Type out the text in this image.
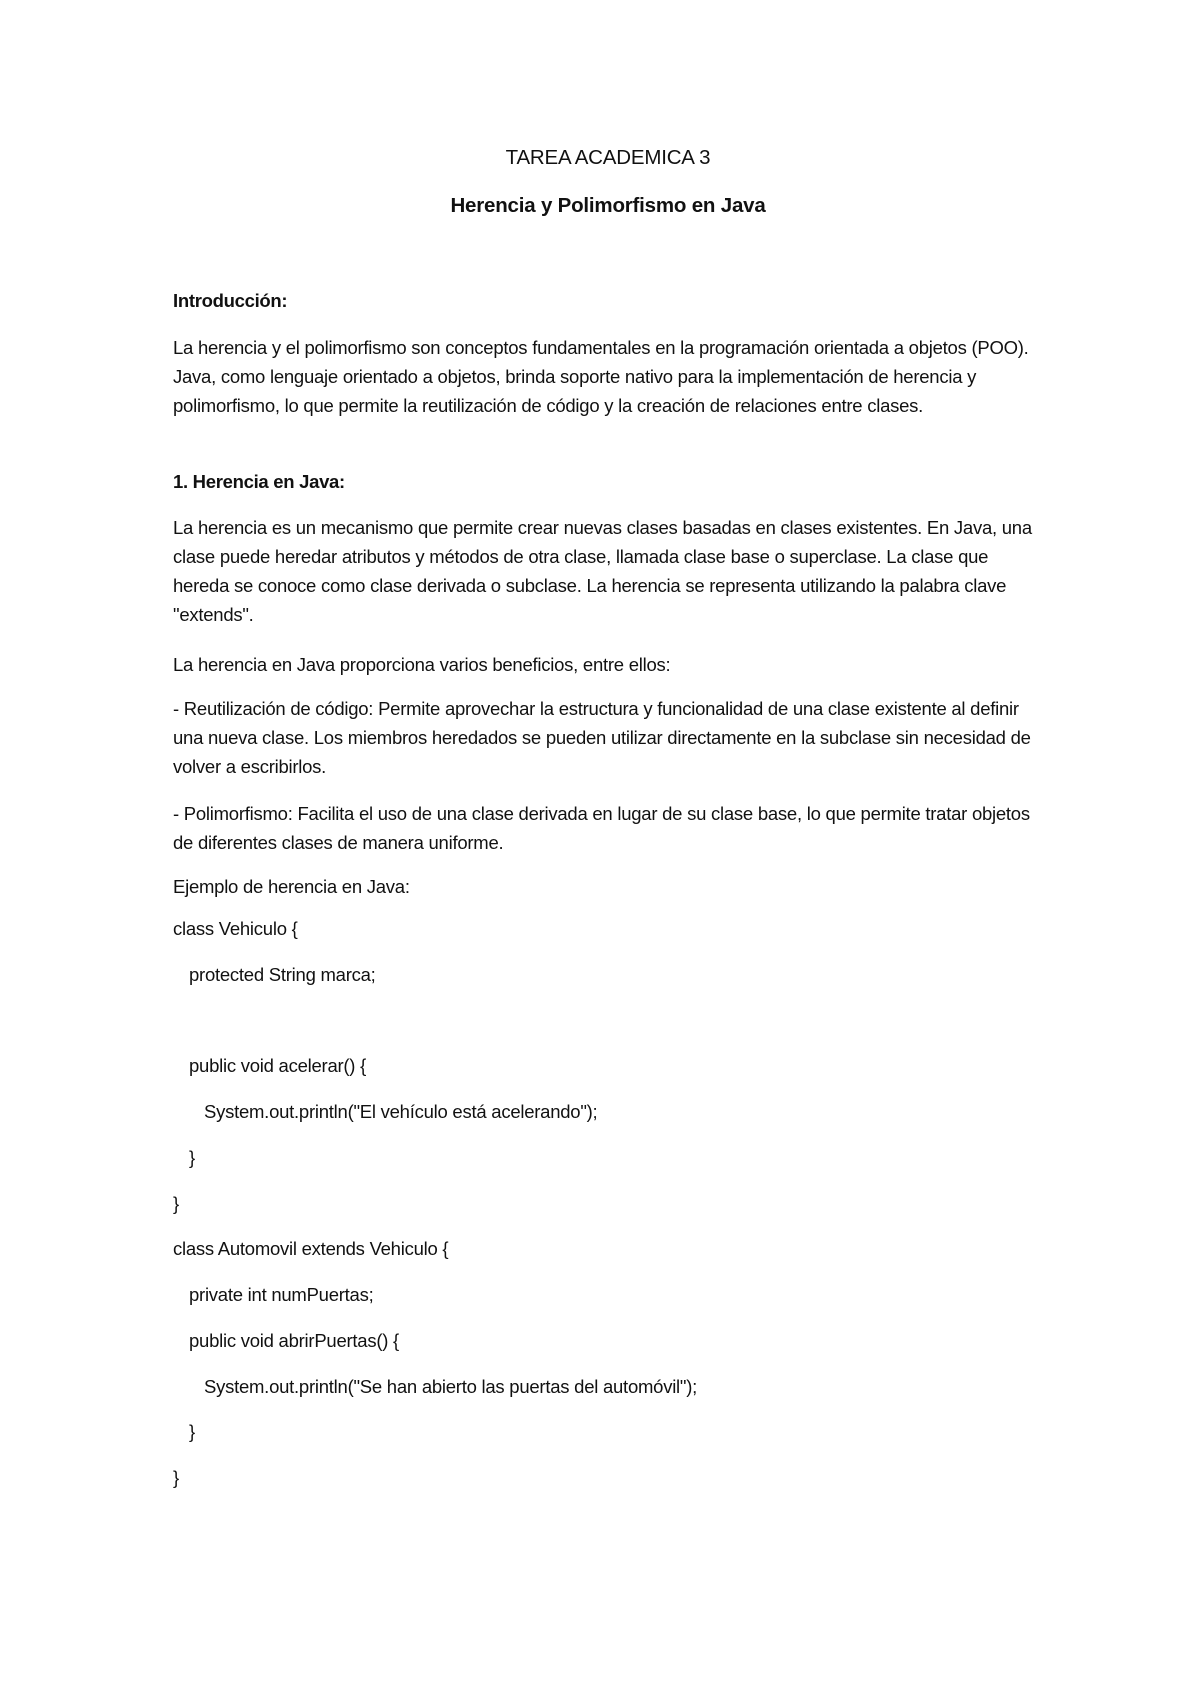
TAREA ACADEMICA 3
Herencia y Polimorfismo en Java
Introducción:
La herencia y el polimorfismo son conceptos fundamentales en la programación orientada a objetos (POO). Java, como lenguaje orientado a objetos, brinda soporte nativo para la implementación de herencia y polimorfismo, lo que permite la reutilización de código y la creación de relaciones entre clases.
1. Herencia en Java:
La herencia es un mecanismo que permite crear nuevas clases basadas en clases existentes. En Java, una clase puede heredar atributos y métodos de otra clase, llamada clase base o superclase. La clase que hereda se conoce como clase derivada o subclase. La herencia se representa utilizando la palabra clave "extends".
La herencia en Java proporciona varios beneficios, entre ellos:
- Reutilización de código: Permite aprovechar la estructura y funcionalidad de una clase existente al definir una nueva clase. Los miembros heredados se pueden utilizar directamente en la subclase sin necesidad de volver a escribirlos.
- Polimorfismo: Facilita el uso de una clase derivada en lugar de su clase base, lo que permite tratar objetos de diferentes clases de manera uniforme.
Ejemplo de herencia en Java:
class Vehiculo {
protected String marca;
public void acelerar() {
System.out.println("El vehículo está acelerando");
}
}
class Automovil extends Vehiculo {
private int numPuertas;
public void abrirPuertas() {
System.out.println("Se han abierto las puertas del automóvil");
}
}
